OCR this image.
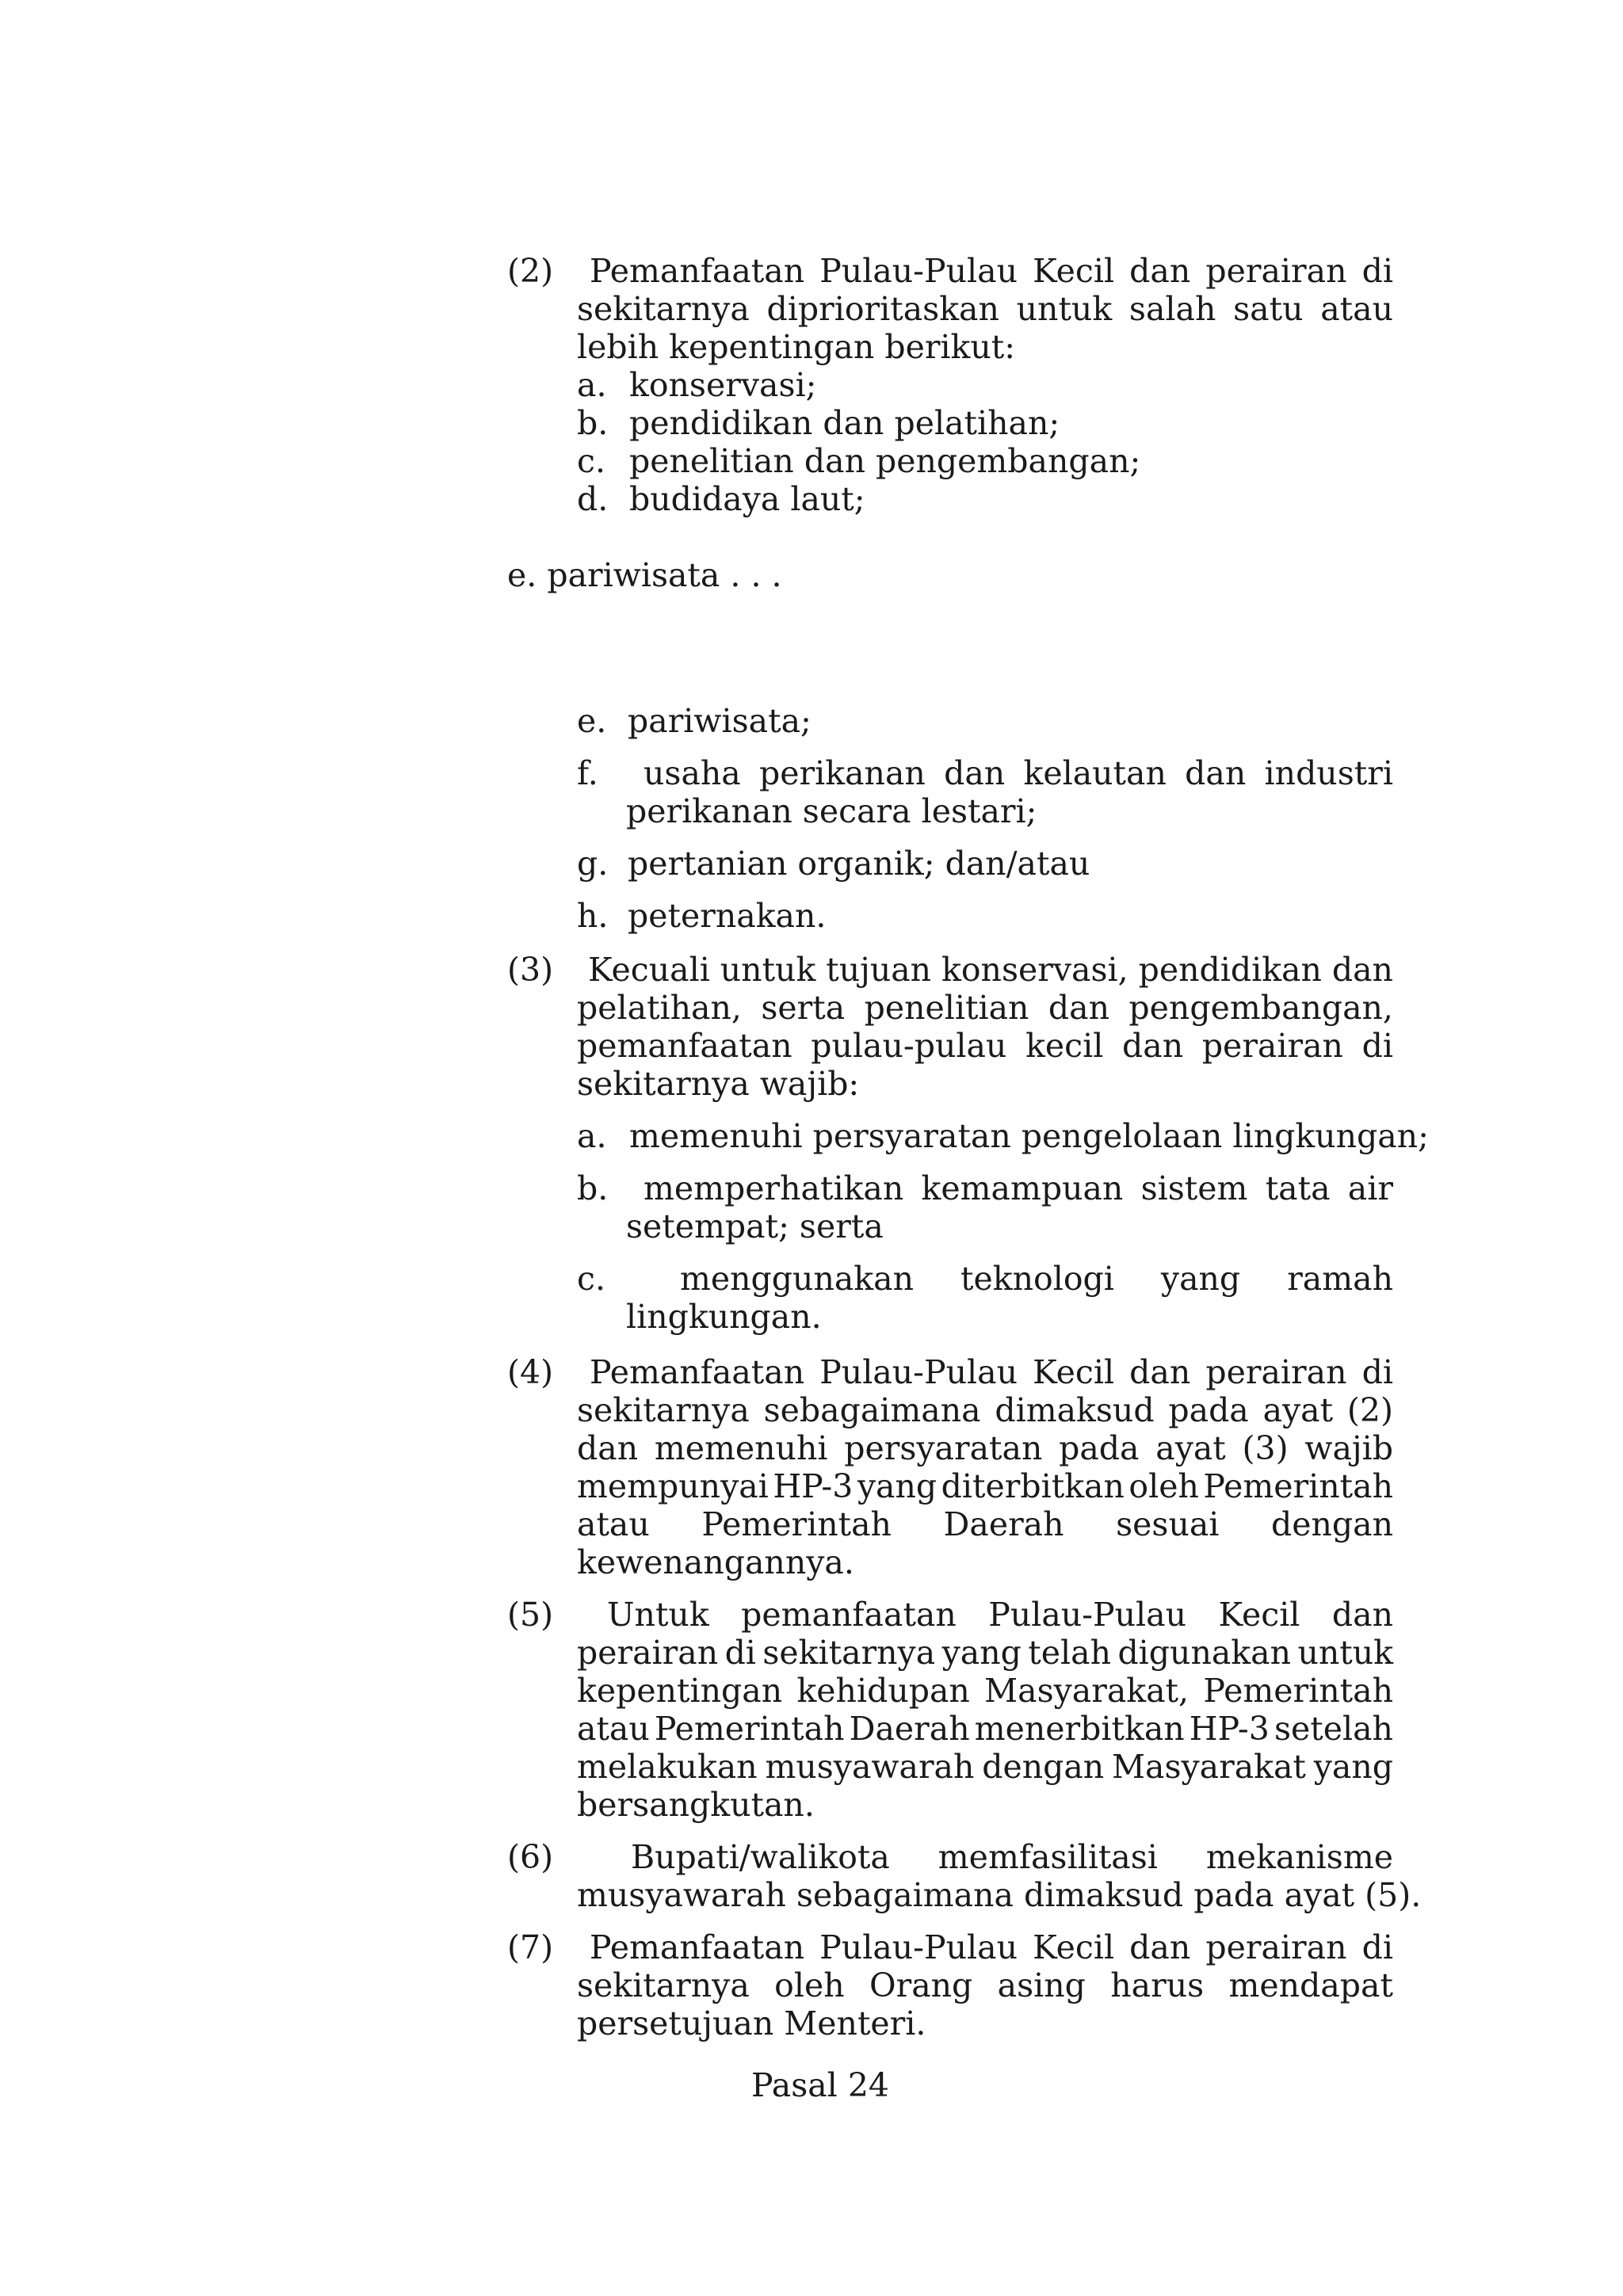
(2) Pemanfaatan Pulau-Pulau Kecil dan perairan di
sekitarnya diprioritaskan untuk salah satu atau
lebih kepentingan berikut:
a. konservasi;
b. pendidikan dan pelatihan;
c. penelitian dan pengembangan;
d. budidaya laut;
e. pariwisata . . .
e. pariwisata;
f. usaha perikanan dan kelautan dan industri
perikanan secara lestari;
g. pertanian organik; dan/atau
h. peternakan.
(3) Kecuali untuk tujuan konservasi, pendidikan dan
pelatihan, serta penelitian dan pengembangan,
pemanfaatan pulau-pulau kecil dan perairan di
sekitarnya wajib:
a. memenuhi persyaratan pengelolaan lingkungan;
b. memperhatikan kemampuan sistem tata air
setempat; serta
c. menggunakan teknologi yang ramah
lingkungan.
(4) Pemanfaatan Pulau-Pulau Kecil dan perairan di
sekitarnya sebagaimana dimaksud pada ayat (2)
dan memenuhi persyaratan pada ayat (3) wajib
mempunyai HP-3 yang diterbitkan oleh Pemerintah
atau Pemerintah Daerah sesuai dengan
kewenangannya.
(5) Untuk pemanfaatan Pulau-Pulau Kecil dan
perairan di sekitarnya yang telah digunakan untuk
kepentingan kehidupan Masyarakat, Pemerintah
atau Pemerintah Daerah menerbitkan HP-3 setelah
melakukan musyawarah dengan Masyarakat yang
bersangkutan.
(6) Bupati/walikota memfasilitasi mekanisme
musyawarah sebagaimana dimaksud pada ayat (5).
(7) Pemanfaatan Pulau-Pulau Kecil dan perairan di
sekitarnya oleh Orang asing harus mendapat
persetujuan Menteri.
Pasal 24
